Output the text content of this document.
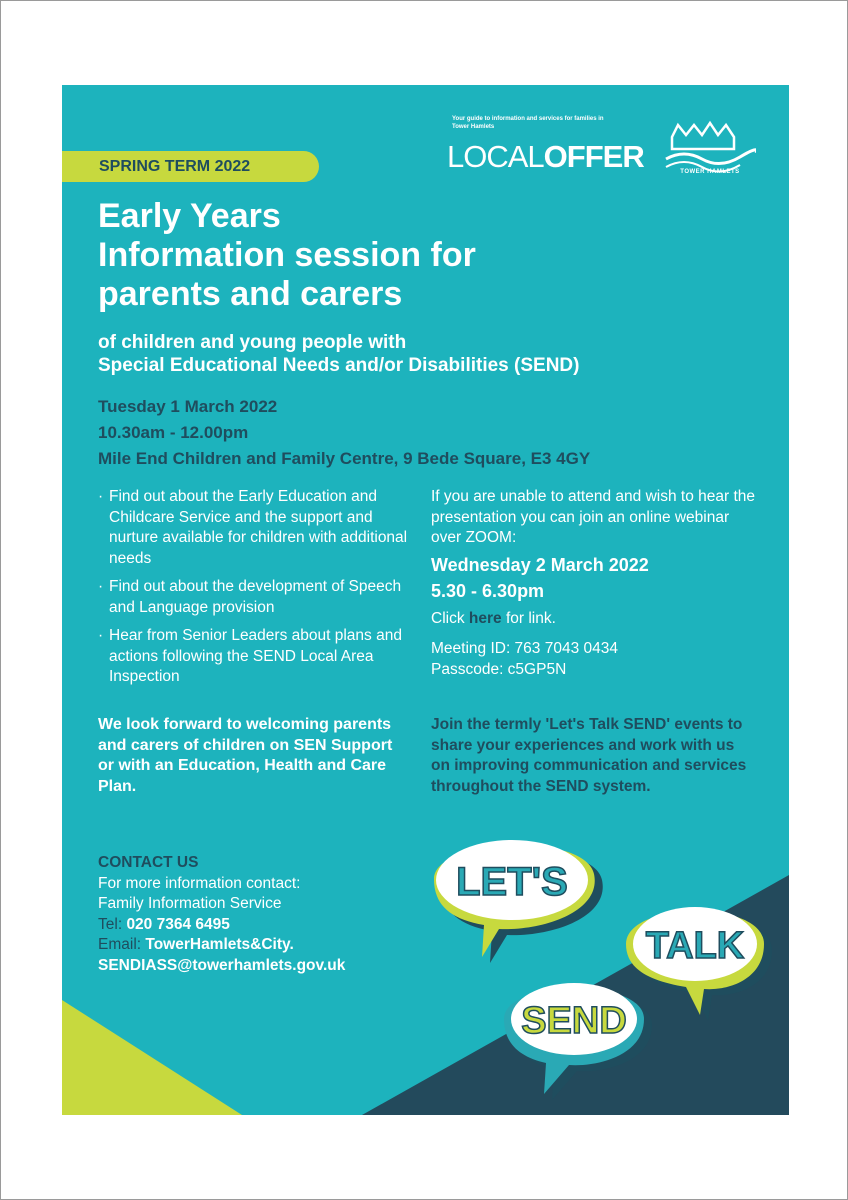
Your guide to information and services for families in Tower Hamlets
LOCALOFFER	TOWER HAMLETS
SPRING TERM 2022
Early Years
Information session for
parents and carers
of children and young people with
Special Educational Needs and/or Disabilities (SEND)
Tuesday 1 March 2022
10.30am - 12.00pm
Mile End Children and Family Centre, 9 Bede Square, E3 4GY
· Find out about the Early Education and Childcare Service and the support and nurture available for children with additional needs
· Find out about the development of Speech and Language provision
· Hear from Senior Leaders about plans and actions following the SEND Local Area Inspection
We look forward to welcoming parents and carers of children on SEN Support or with an Education, Health and Care Plan.
If you are unable to attend and wish to hear the presentation you can join an online webinar over ZOOM:
Wednesday 2 March 2022
5.30 - 6.30pm
Click here for link.
Meeting ID: 763 7043 0434
Passcode: c5GP5N
Join the termly 'Let's Talk SEND' events to share your experiences and work with us on improving communication and services throughout the SEND system.
CONTACT US
For more information contact:
Family Information Service
Tel: 020 7364 6495
Email: TowerHamlets&City.
SENDIASS@towerhamlets.gov.uk
LET'S
TALK
SEND
